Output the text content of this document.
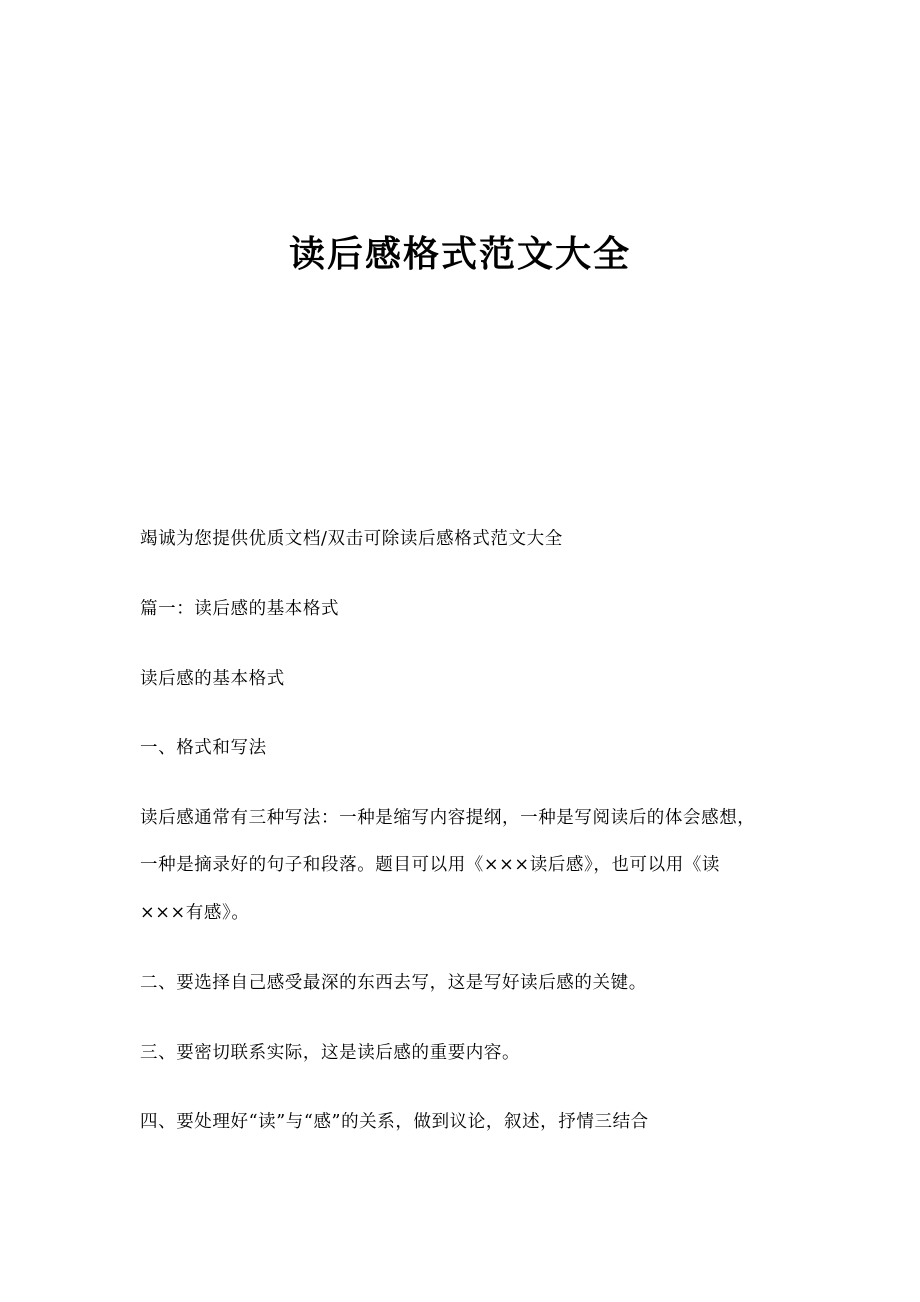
读后感格式范文大全

竭诚为您提供优质文档/双击可除读后感格式范文大全

篇一：读后感的基本格式

读后感的基本格式

一、格式和写法

读后感通常有三种写法：一种是缩写内容提纲，一种是写阅读后的体会感想，

一种是摘录好的句子和段落。题目可以用《×××读后感》，也可以用《读

×××有感》。

二、要选择自己感受最深的东西去写，这是写好读后感的关键。

三、要密切联系实际，这是读后感的重要内容。

四、要处理好“读”与“感”的关系，做到议论，叙述，抒情三结合
